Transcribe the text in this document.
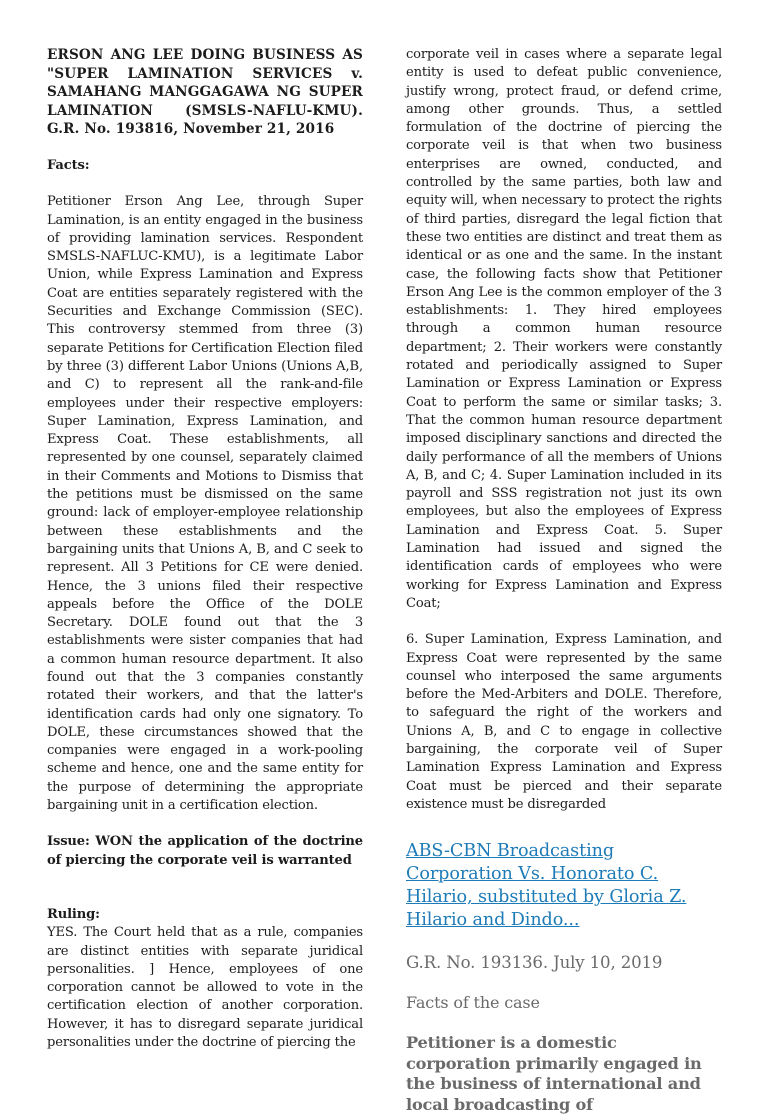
ERSON ANG LEE DOING BUSINESS AS "SUPER LAMINATION SERVICES v. SAMAHANG MANGGAGAWA NG SUPER LAMINATION (SMSLS-NAFLU-KMU). G.R. No. 193816, November 21, 2016

Facts:

Petitioner Erson Ang Lee, through Super Lamination, is an entity engaged in the business of providing lamination services. Respondent SMSLS-NAFLUC-KMU), is a legitimate Labor Union, while Express Lamination and Express Coat are entities separately registered with the Securities and Exchange Commission (SEC). This controversy stemmed from three (3) separate Petitions for Certification Election filed by three (3) different Labor Unions (Unions A,B, and C) to represent all the rank-and-file employees under their respective employers: Super Lamination, Express Lamination, and Express Coat. These establishments, all represented by one counsel, separately claimed in their Comments and Motions to Dismiss that the petitions must be dismissed on the same ground: lack of employer-employee relationship between these establishments and the bargaining units that Unions A, B, and C seek to represent. All 3 Petitions for CE were denied. Hence, the 3 unions filed their respective appeals before the Office of the DOLE Secretary. DOLE found out that the 3 establishments were sister companies that had a common human resource department. It also found out that the 3 companies constantly rotated their workers, and that the latter's identification cards had only one signatory. To DOLE, these circumstances showed that the companies were engaged in a work-pooling scheme and hence, one and the same entity for the purpose of determining the appropriate bargaining unit in a certification election.

Issue: WON the application of the doctrine of piercing the corporate veil is warranted

Ruling:

YES. The Court held that as a rule, companies are distinct entities with separate juridical personalities. ] Hence, employees of one corporation cannot be allowed to vote in the certification election of another corporation. However, it has to disregard separate juridical personalities under the doctrine of piercing the

corporate veil in cases where a separate legal entity is used to defeat public convenience, justify wrong, protect fraud, or defend crime, among other grounds. Thus, a settled formulation of the doctrine of piercing the corporate veil is that when two business enterprises are owned, conducted, and controlled by the same parties, both law and equity will, when necessary to protect the rights of third parties, disregard the legal fiction that these two entities are distinct and treat them as identical or as one and the same. In the instant case, the following facts show that Petitioner Erson Ang Lee is the common employer of the 3 establishments: 1. They hired employees through a common human resource department; 2. Their workers were constantly rotated and periodically assigned to Super Lamination or Express Lamination or Express Coat to perform the same or similar tasks; 3. That the common human resource department imposed disciplinary sanctions and directed the daily performance of all the members of Unions A, B, and C; 4. Super Lamination included in its payroll and SSS registration not just its own employees, but also the employees of Express Lamination and Express Coat. 5. Super Lamination had issued and signed the identification cards of employees who were working for Express Lamination and Express Coat;

6. Super Lamination, Express Lamination, and Express Coat were represented by the same counsel who interposed the same arguments before the Med-Arbiters and DOLE. Therefore, to safeguard the right of the workers and Unions A, B, and C to engage in collective bargaining, the corporate veil of Super Lamination Express Lamination and Express Coat must be pierced and their separate existence must be disregarded

ABS-CBN Broadcasting Corporation Vs. Honorato C. Hilario, substituted by Gloria Z. Hilario and Dindo...

G.R. No. 193136. July 10, 2019

Facts of the case

Petitioner is a domestic corporation primarily engaged in the business of international and local broadcasting of
